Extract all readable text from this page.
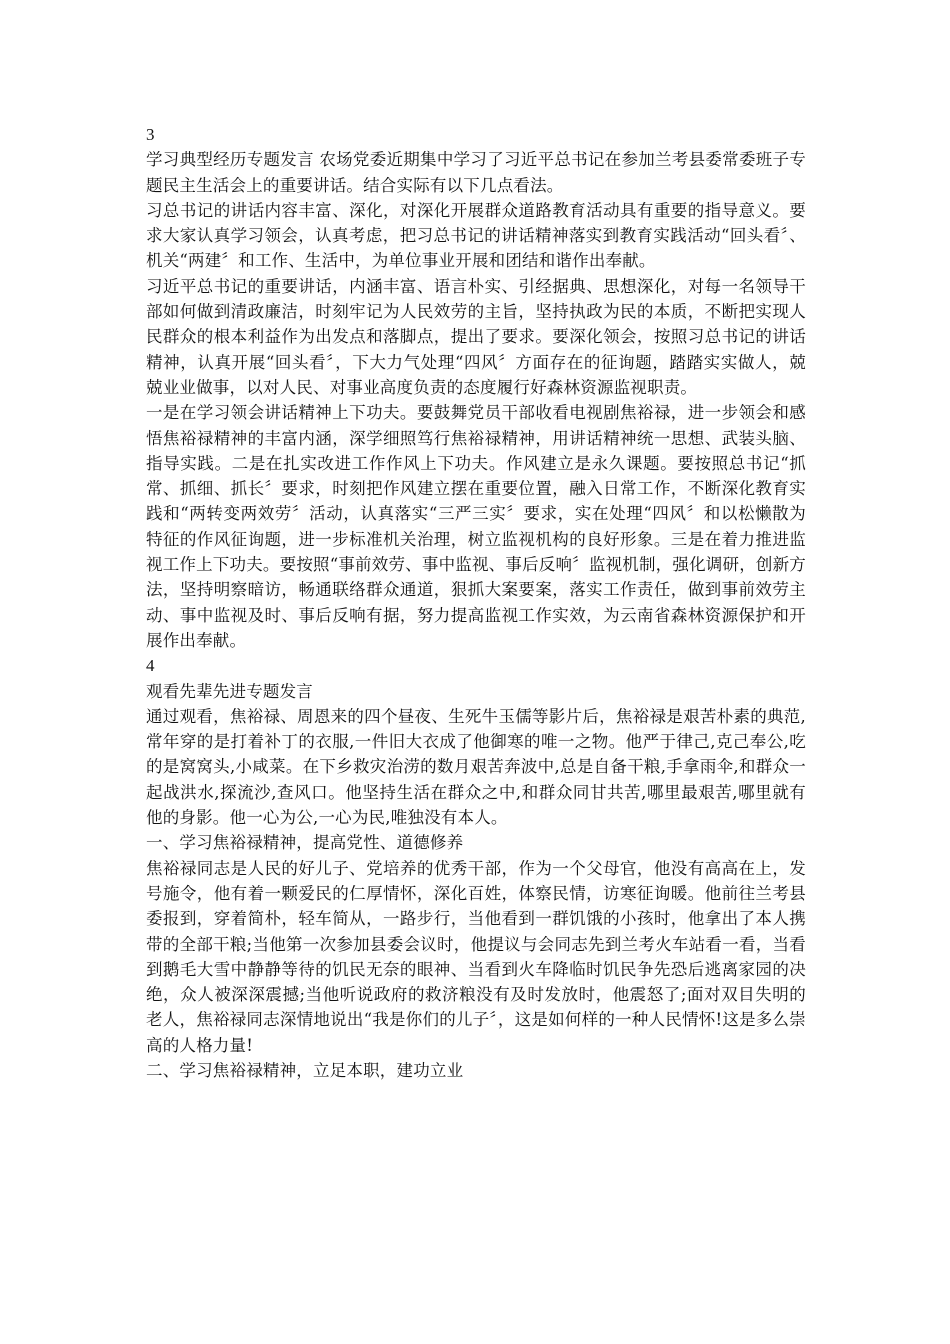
3

学习典型经历专题发言 农场党委近期集中学习了习近平总书记在参加兰考县委常委班子专题民主生活会上的重要讲话。结合实际有以下几点看法。

习总书记的讲话内容丰富、深化，对深化开展群众道路教育活动具有重要的指导意义。要求大家认真学习领会，认真考虑，把习总书记的讲话精神落实到教育实践活动“回头看〞、机关“两建〞和工作、生活中，为单位事业开展和团结和谐作出奉献。

习近平总书记的重要讲话，内涵丰富、语言朴实、引经据典、思想深化，对每一名领导干部如何做到清政廉洁，时刻牢记为人民效劳的主旨，坚持执政为民的本质，不断把实现人民群众的根本利益作为出发点和落脚点，提出了要求。要深化领会，按照习总书记的讲话精神，认真开展“回头看〞，下大力气处理“四风〞方面存在的征询题，踏踏实实做人，兢兢业业做事，以对人民、对事业高度负责的态度履行好森林资源监视职责。

一是在学习领会讲话精神上下功夫。要鼓舞党员干部收看电视剧焦裕禄，进一步领会和感悟焦裕禄精神的丰富内涵，深学细照笃行焦裕禄精神，用讲话精神统一思想、武装头脑、指导实践。二是在扎实改进工作作风上下功夫。作风建立是永久课题。要按照总书记“抓常、抓细、抓长〞要求，时刻把作风建立摆在重要位置，融入日常工作，不断深化教育实践和“两转变两效劳〞活动，认真落实“三严三实〞要求，实在处理“四风〞和以松懒散为特征的作风征询题，进一步标准机关治理，树立监视机构的良好形象。三是在着力推进监视工作上下功夫。要按照“事前效劳、事中监视、事后反响〞监视机制，强化调研，创新方法，坚持明察暗访，畅通联络群众通道，狠抓大案要案，落实工作责任，做到事前效劳主动、事中监视及时、事后反响有据，努力提高监视工作实效，为云南省森林资源保护和开展作出奉献。

4

观看先辈先进专题发言

通过观看，焦裕禄、周恩来的四个昼夜、生死牛玉儒等影片后，焦裕禄是艰苦朴素的典范,常年穿的是打着补丁的衣服,一件旧大衣成了他御寒的唯一之物。他严于律己,克己奉公,吃的是窝窝头,小咸菜。在下乡救灾治涝的数月艰苦奔波中,总是自备干粮,手拿雨伞,和群众一起战洪水,探流沙,查风口。他坚持生活在群众之中,和群众同甘共苦,哪里最艰苦,哪里就有他的身影。他一心为公,一心为民,唯独没有本人。

一、学习焦裕禄精神，提高党性、道德修养

焦裕禄同志是人民的好儿子、党培养的优秀干部，作为一个父母官，他没有高高在上，发号施令，他有着一颗爱民的仁厚情怀，深化百姓，体察民情，访寒征询暖。他前往兰考县委报到，穿着简朴，轻车简从，一路步行，当他看到一群饥饿的小孩时，他拿出了本人携带的全部干粮;当他第一次参加县委会议时，他提议与会同志先到兰考火车站看一看，当看到鹅毛大雪中静静等待的饥民无奈的眼神、当看到火车降临时饥民争先恐后逃离家园的决绝，众人被深深震撼;当他听说政府的救济粮没有及时发放时，他震怒了;面对双目失明的老人，焦裕禄同志深情地说出“我是你们的儿子〞，这是如何样的一种人民情怀!这是多么崇高的人格力量!

二、学习焦裕禄精神，立足本职，建功立业
